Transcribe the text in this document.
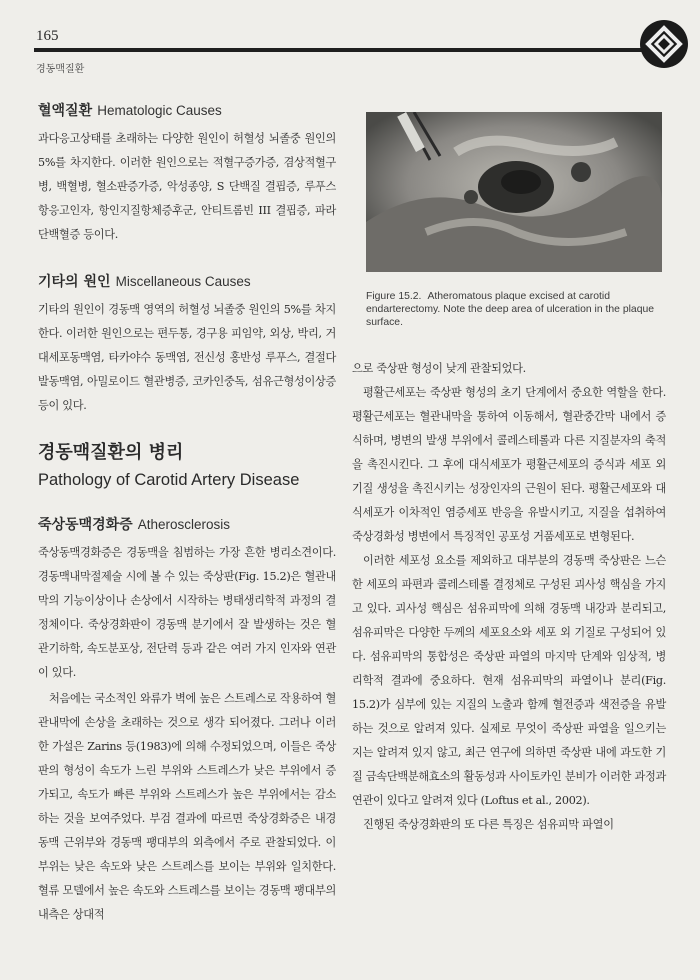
165
경동맥질환
혈액질환 Hematologic Causes

과다응고상태를 초래하는 다양한 원인이 허혈성 뇌졸중 원인의 5%를 차지한다. 이러한 원인으로는 적혈구증가증, 겸상적혈구병, 백혈병, 혈소판증가증, 악성종양, S 단백질 결핍증, 루푸스 항응고인자, 항인지질항체증후군, 안티트롬빈 III 결핍증, 파라단백혈증 등이다.

기타의 원인 Miscellaneous Causes

기타의 원인이 경동맥 영역의 허혈성 뇌졸중 원인의 5%를 차지한다. 이러한 원인으로는 편두통, 경구용 피임약, 외상, 박리, 거대세포동맥염, 타카야수 동맥염, 전신성 홍반성 루푸스, 결절다발동맥염, 아밀로이드 혈관병증, 코카인중독, 섬유근형성이상증 등이 있다.

경동맥질환의 병리
Pathology of Carotid Artery Disease
죽상동맥경화증 Atherosclerosis

죽상동맥경화증은 경동맥을 침범하는 가장 흔한 병리소견이다. 경동맥내막절제술 시에 볼 수 있는 죽상판(Fig. 15.2)은 혈관내막의 기능이상이나 손상에서 시작하는 병태생리학적 과정의 결정체이다. 죽상경화판이 경동맥 분기에서 잘 발생하는 것은 혈관기하학, 속도분포상, 전단력 등과 같은 여러 가지 인자와 연관이 있다.

처음에는 국소적인 와류가 벽에 높은 스트레스로 작용하여 혈관내막에 손상을 초래하는 것으로 생각 되어졌다. 그러나 이러한 가설은 Zarins 등(1983)에 의해 수정되었으며, 이들은 죽상판의 형성이 속도가 느린 부위와 스트레스가 낮은 부위에서 증가되고, 속도가 빠른 부위와 스트레스가 높은 부위에서는 감소하는 것을 보여주었다. 부검 결과에 따르면 죽상경화증은 내경동맥 근위부와 경동맥 팽대부의 외측에서 주로 관찰되었다. 이 부위는 낮은 속도와 낮은 스트레스를 보이는 부위와 일치한다. 혈류 모델에서 높은 속도와 스트레스를 보이는 경동맥 팽대부의 내측은 상대적

Figure 15.2. Atheromatous plaque excised at carotid endarterectomy. Note the deep area of ulceration in the plaque surface.

으로 죽상판 형성이 낮게 관찰되었다.

평활근세포는 죽상판 형성의 초기 단계에서 중요한 역할을 한다. 평활근세포는 혈관내막을 통하여 이동해서, 혈관중간막 내에서 증식하며, 병변의 발생 부위에서 콜레스테롤과 다른 지질분자의 축적을 촉진시킨다. 그 후에 대식세포가 평활근세포의 증식과 세포 외 기질 생성을 촉진시키는 성장인자의 근원이 된다. 평활근세포와 대식세포가 이차적인 염증세포 반응을 유발시키고, 지질을 섭취하여 죽상경화성 병변에서 특징적인 공포성 거품세포로 변형된다.

이러한 세포성 요소를 제외하고 대부분의 경동맥 죽상판은 느슨한 세포의 파편과 콜레스테롤 결정체로 구성된 괴사성 핵심을 가지고 있다. 괴사성 핵심은 섬유피막에 의해 경동맥 내강과 분리되고, 섬유피막은 다양한 두께의 세포요소와 세포 외 기질로 구성되어 있다. 섬유피막의 통합성은 죽상판 파열의 마지막 단계와 임상적, 병리학적 결과에 중요하다. 현재 섬유피막의 파열이나 분리(Fig. 15.2)가 심부에 있는 지질의 노출과 함께 혈전증과 색전증을 유발하는 것으로 알려져 있다. 실제로 무엇이 죽상판 파열을 일으키는 지는 알려져 있지 않고, 최근 연구에 의하면 죽상판 내에 과도한 기질 금속단백분해효소의 활동성과 사이토카인 분비가 이러한 과정과 연관이 있다고 알려져 있다 (Loftus et al., 2002).

진행된 죽상경화판의 또 다른 특징은 섬유피막 파열이
